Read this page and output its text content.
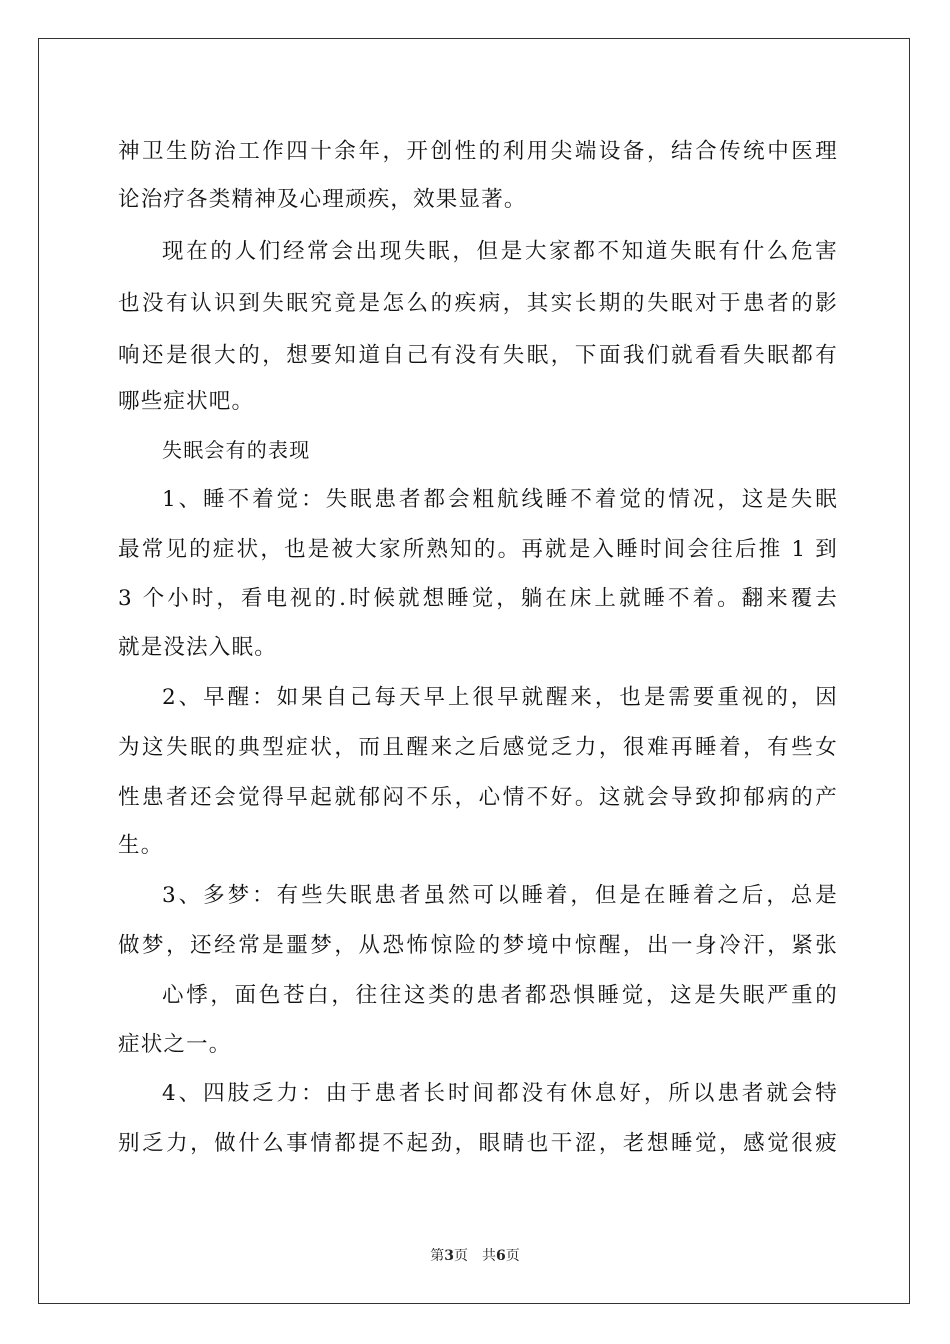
神卫生防治工作四十余年，开创性的利用尖端设备，结合传统中医理
论治疗各类精神及心理顽疾，效果显著。
现在的人们经常会出现失眠，但是大家都不知道失眠有什么危害
也没有认识到失眠究竟是怎么的疾病，其实长期的失眠对于患者的影
响还是很大的，想要知道自己有没有失眠，下面我们就看看失眠都有
哪些症状吧。
失眠会有的表现
1、睡不着觉：失眠患者都会粗航线睡不着觉的情况，这是失眠
最常见的症状，也是被大家所熟知的。再就是入睡时间会往后推 1 到
3 个小时，看电视的.时候就想睡觉，躺在床上就睡不着。翻来覆去
就是没法入眠。
2、早醒：如果自己每天早上很早就醒来，也是需要重视的，因
为这失眠的典型症状，而且醒来之后感觉乏力，很难再睡着，有些女
性患者还会觉得早起就郁闷不乐，心情不好。这就会导致抑郁病的产
生。
3、多梦：有些失眠患者虽然可以睡着，但是在睡着之后，总是
做梦，还经常是噩梦，从恐怖惊险的梦境中惊醒，出一身冷汗，紧张
心悸，面色苍白，往往这类的患者都恐惧睡觉，这是失眠严重的
症状之一。
4、四肢乏力：由于患者长时间都没有休息好，所以患者就会特
别乏力，做什么事情都提不起劲，眼睛也干涩，老想睡觉，感觉很疲
第3页 共6页
